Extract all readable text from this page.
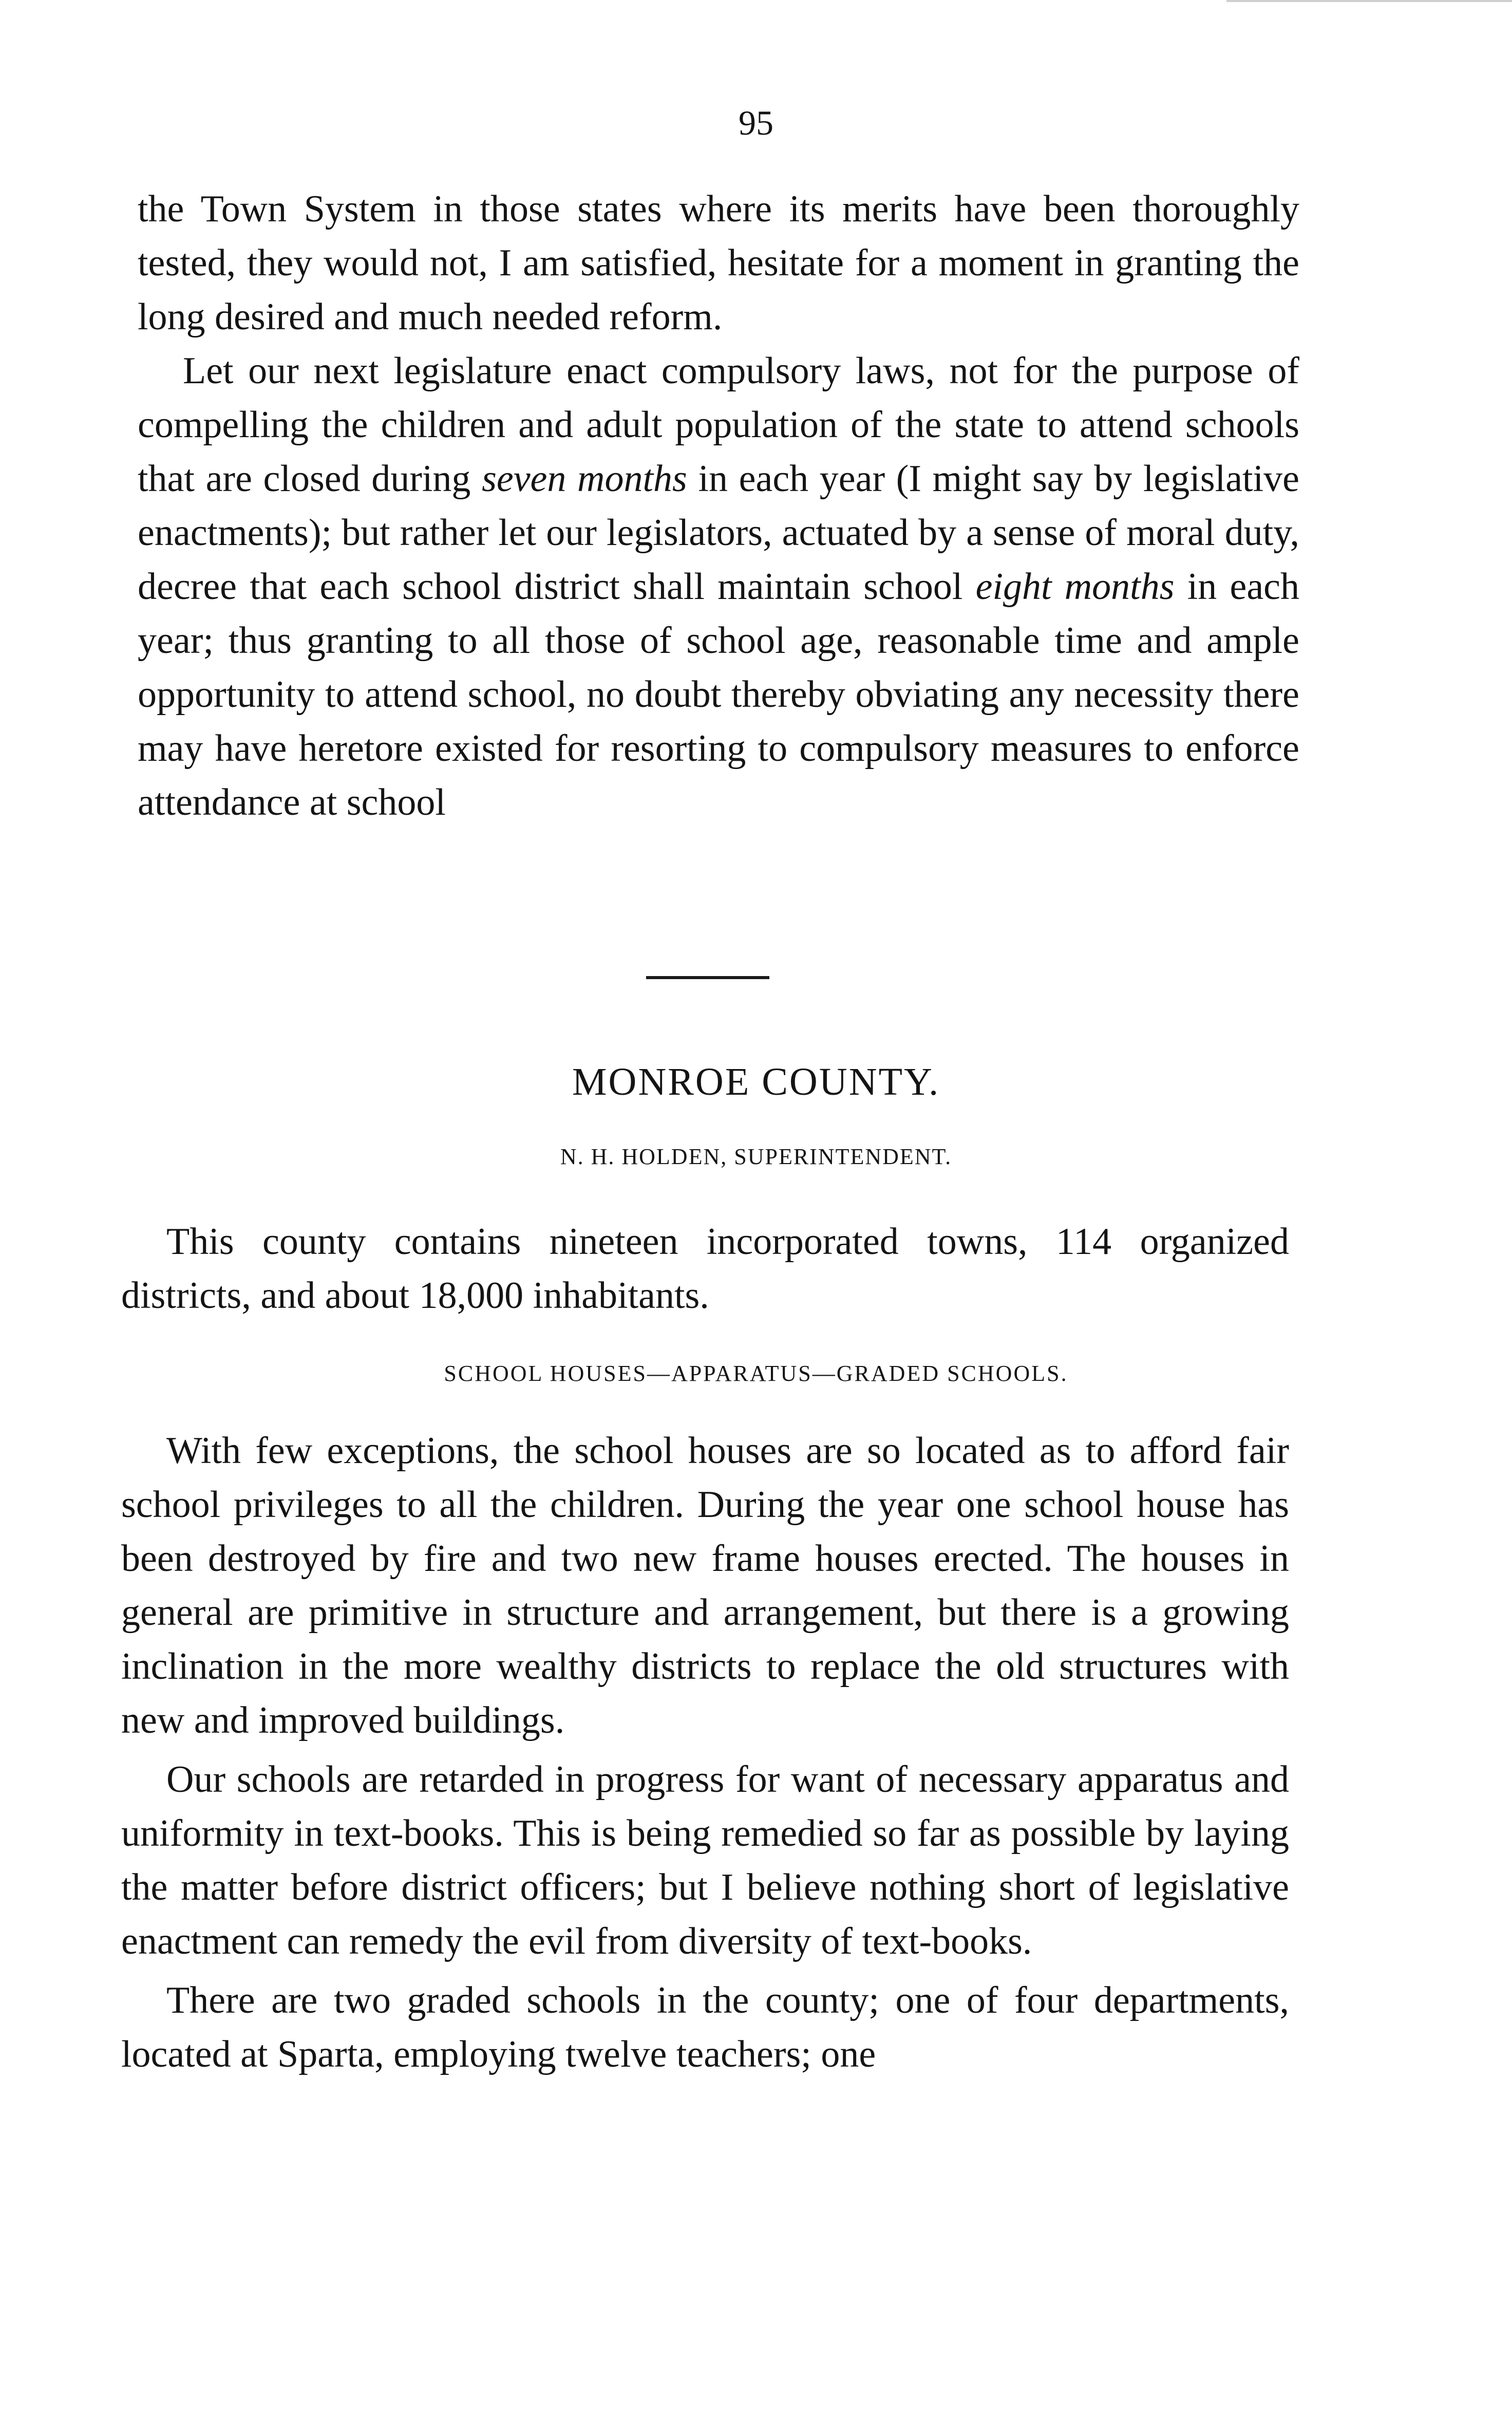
95

the Town System in those states where its merits have been thoroughly tested, they would not, I am satisfied, hesitate for a moment in granting the long desired and much needed reform.

Let our next legislature enact compulsory laws, not for the purpose of compelling the children and adult population of the state to attend schools that are closed during seven months in each year (I might say by legislative enactments); but rather let our legislators, actuated by a sense of moral duty, decree that each school district shall maintain school eight months in each year; thus granting to all those of school age, reasonable time and ample opportunity to attend school, no doubt thereby obviating any necessity there may have heretore existed for resorting to compulsory measures to enforce attendance at school

MONROE COUNTY.
N. H. HOLDEN, SUPERINTENDENT.

This county contains nineteen incorporated towns, 114 organized districts, and about 18,000 inhabitants.

SCHOOL HOUSES—APPARATUS—GRADED SCHOOLS.

With few exceptions, the school houses are so located as to afford fair school privileges to all the children. During the year one school house has been destroyed by fire and two new frame houses erected. The houses in general are primitive in structure and arrangement, but there is a growing inclination in the more wealthy districts to replace the old structures with new and improved buildings.

Our schools are retarded in progress for want of necessary apparatus and uniformity in text-books. This is being remedied so far as possible by laying the matter before district officers; but I believe nothing short of legislative enactment can remedy the evil from diversity of text-books.

There are two graded schools in the county; one of four departments, located at Sparta, employing twelve teachers; one
